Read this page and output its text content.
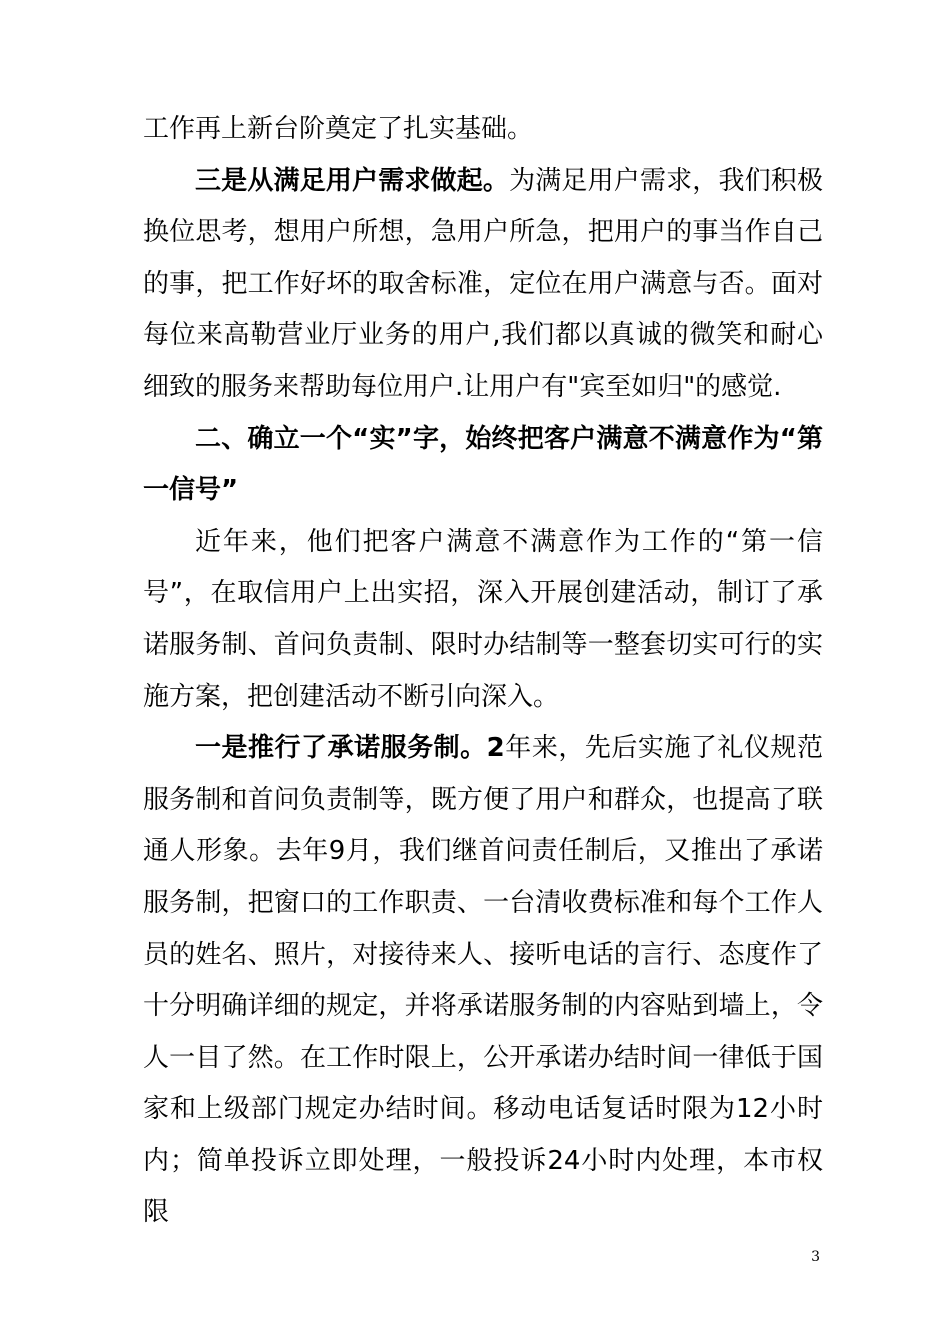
工作再上新台阶奠定了扎实基础。

三是从满足用户需求做起。为满足用户需求，我们积极换位思考，想用户所想，急用户所急，把用户的事当作自己的事，把工作好坏的取舍标准，定位在用户满意与否。面对每位来高勒营业厅业务的用户,我们都以真诚的微笑和耐心细致的服务来帮助每位用户.让用户有"宾至如归"的感觉.

二、确立一个“实”字，始终把客户满意不满意作为“第一信号”

近年来，他们把客户满意不满意作为工作的“第一信号”，在取信用户上出实招，深入开展创建活动，制订了承诺服务制、首问负责制、限时办结制等一整套切实可行的实施方案，把创建活动不断引向深入。

一是推行了承诺服务制。2年来，先后实施了礼仪规范服务制和首问负责制等，既方便了用户和群众，也提高了联通人形象。去年9月，我们继首问责任制后，又推出了承诺服务制，把窗口的工作职责、一台清收费标准和每个工作人员的姓名、照片，对接待来人、接听电话的言行、态度作了十分明确详细的规定，并将承诺服务制的内容贴到墙上，令人一目了然。在工作时限上，公开承诺办结时间一律低于国家和上级部门规定办结时间。移动电话复话时限为12小时内；简单投诉立即处理，一般投诉24小时内处理，本市权限

3
